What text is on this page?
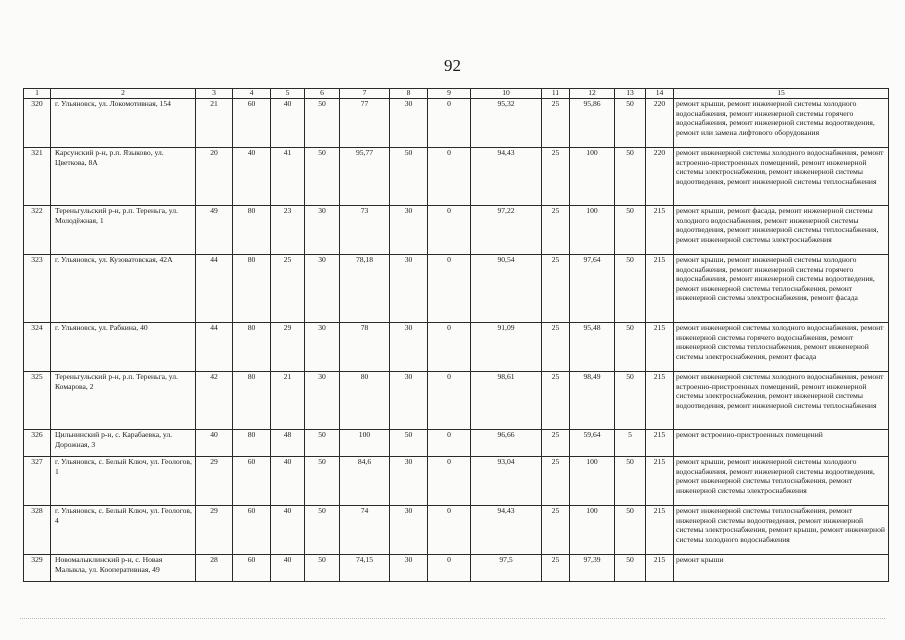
92
1	2	3	4	5	6	7	8	9	10	11	12	13	14	15
320	г. Ульяновск, ул. Локомотивная, 154	21	60	40	50	77	30	0	95,32	25	95,86	50	220	ремонт крыши, ремонт инженерной системы холодного водоснабжения, ремонт инженерной системы горячего водоснабжения, ремонт инженерной системы водоотведения, ремонт или замена лифтового оборудования
321	Карсунский р-н, р.п. Языково, ул. Цветкова, 8А	20	40	41	50	95,77	50	0	94,43	25	100	50	220	ремонт инженерной системы холодного водоснабжения, ремонт встроенно-пристроенных помещений, ремонт инженерной системы электроснабжения, ремонт инженерной системы водоотведения, ремонт инженерной системы теплоснабжения
322	Тереньгульский р-н, р.п. Тереньга, ул. Молодёжная, 1	49	80	23	30	73	30	0	97,22	25	100	50	215	ремонт крыши, ремонт фасада, ремонт инженерной системы холодного водоснабжения, ремонт инженерной системы водоотведения, ремонт инженерной системы теплоснабжения, ремонт инженерной системы электроснабжения
323	г. Ульяновск, ул. Кузоватовская, 42А	44	80	25	30	78,18	30	0	90,54	25	97,64	50	215	ремонт крыши, ремонт инженерной системы холодного водоснабжения, ремонт инженерной системы горячего водоснабжения, ремонт инженерной системы водоотведения, ремонт инженерной системы теплоснабжения, ремонт инженерной системы электроснабжения, ремонт фасада
324	г. Ульяновск, ул. Рабкина, 40	44	80	29	30	78	30	0	91,09	25	95,48	50	215	ремонт инженерной системы холодного водоснабжения, ремонт инженерной системы горячего водоснабжения, ремонт инженерной системы теплоснабжения, ремонт инженерной системы электроснабжения, ремонт фасада
325	Тереньгульский р-н, р.п. Тереньга, ул. Комарова, 2	42	80	21	30	80	30	0	98,61	25	98,49	50	215	ремонт инженерной системы холодного водоснабжения, ремонт встроенно-пристроенных помещений, ремонт инженерной системы электроснабжения, ремонт инженерной системы водоотведения, ремонт инженерной системы теплоснабжения
326	Цильнинский р-н, с. Карабаевка, ул. Дорожная, 3	40	80	48	50	100	50	0	96,66	25	59,64	5	215	ремонт встроенно-пристроенных помещений
327	г. Ульяновск, с. Белый Ключ, ул. Геологов, 1	29	60	40	50	84,6	30	0	93,04	25	100	50	215	ремонт крыши, ремонт инженерной системы холодного водоснабжения, ремонт инженерной системы водоотведения, ремонт инженерной системы теплоснабжения, ремонт инженерной системы электроснабжения
328	г. Ульяновск, с. Белый Ключ, ул. Геологов, 4	29	60	40	50	74	30	0	94,43	25	100	50	215	ремонт инженерной системы теплоснабжения, ремонт инженерной системы водоотведения, ремонт инженерной системы электроснабжения, ремонт крыши, ремонт инженерной системы холодного водоснабжения
329	Новомалыклинский р-н, с. Новая Малыкла, ул. Кооперативная, 49	28	60	40	50	74,15	30	0	97,5	25	97,39	50	215	ремонт крыши
